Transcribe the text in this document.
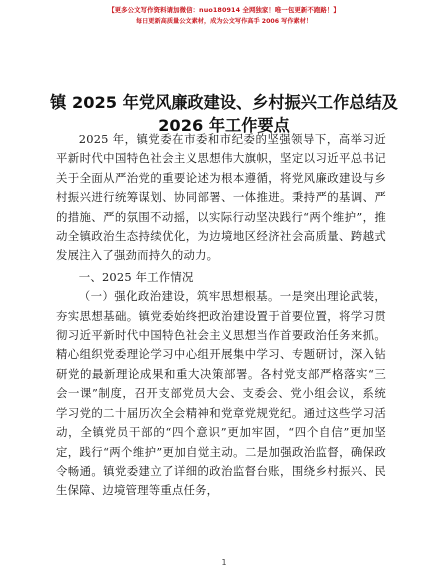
【更多公文写作资料请加微信：nuo180914 全网独家！唯一包更新不跑路！】
每日更新高质量公文素材，成为公文写作高手 2006 写作素材！
镇 2025 年党风廉政建设、乡村振兴工作总结及
2026 年工作要点

2025 年，镇党委在市委和市纪委的坚强领导下，高举习近平新时代中国特色社会主义思想伟大旗帜，坚定以习近平总书记关于全面从严治党的重要论述为根本遵循，将党风廉政建设与乡村振兴进行统筹谋划、协同部署、一体推进。秉持严的基调、严的措施、严的氛围不动摇，以实际行动坚决践行“两个维护”，推动全镇政治生态持续优化，为边境地区经济社会高质量、跨越式发展注入了强劲而持久的动力。

一、2025 年工作情况

（一）强化政治建设，筑牢思想根基。一是突出理论武装，夯实思想基础。镇党委始终把政治建设置于首要位置，将学习贯彻习近平新时代中国特色社会主义思想当作首要政治任务来抓。精心组织党委理论学习中心组开展集中学习、专题研讨，深入钻研党的最新理论成果和重大决策部署。各村党支部严格落实“三会一课”制度，召开支部党员大会、支委会、党小组会议，系统学习党的二十届历次全会精神和党章党规党纪。通过这些学习活动，全镇党员干部的“四个意识”更加牢固，“四个自信”更加坚定，践行“两个维护”更加自觉主动。二是加强政治监督，确保政令畅通。镇党委建立了详细的政治监督台账，围绕乡村振兴、民生保障、边境管理等重点任务，

1
